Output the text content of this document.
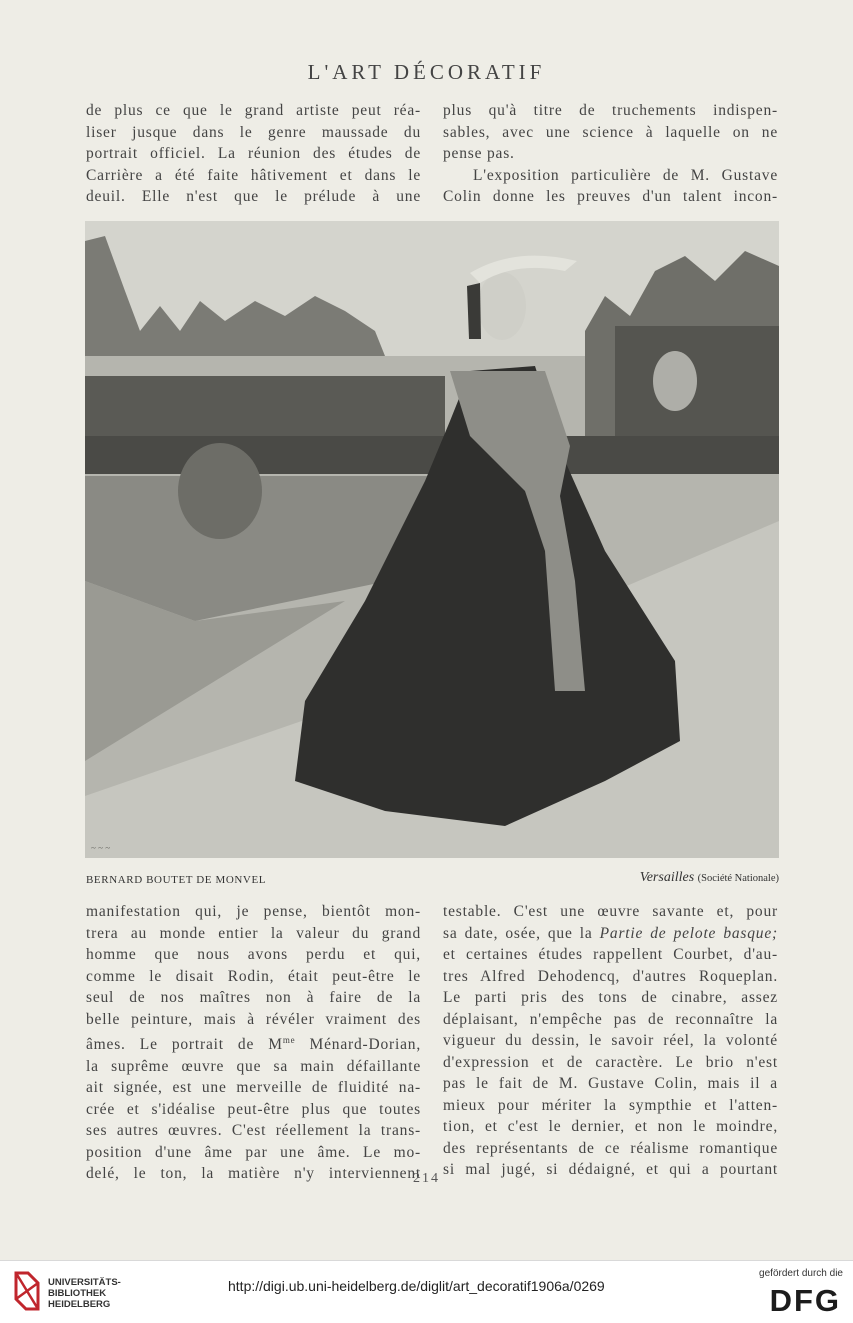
L'ART DÉCORATIF
de plus ce que le grand artiste peut réa-
liser jusque dans le genre maussade du
portrait officiel. La réunion des études de
Carrière a été faite hâtivement et dans le
deuil. Elle n'est que le prélude à une
plus qu'à titre de truchements indispen-
sables, avec une science à laquelle on ne
pense pas.
L'exposition particulière de M. Gustave
Colin donne les preuves d'un talent incon-
~ ~ ~
BERNARD BOUTET DE MONVEL	Versailles (Société Nationale)
manifestation qui, je pense, bientôt mon-
trera au monde entier la valeur du grand
homme que nous avons perdu et qui,
comme le disait Rodin, était peut-être le
seul de nos maîtres non à faire de la
belle peinture, mais à révéler vraiment des
âmes. Le portrait de $M^{me}$ Ménard-Dorian,
la suprême œuvre que sa main défaillante
ait signée, est une merveille de fluidité na-
crée et s'idéalise peut-être plus que toutes
ses autres œuvres. C'est réellement la trans-
position d'une âme par une âme. Le mo-
delé, le ton, la matière n'y interviennent
testable. C'est une œuvre savante et, pour
sa date, osée, que la Partie de pelote basque;
et certaines études rappellent Courbet, d'au-
tres Alfred Dehodencq, d'autres Roqueplan.
Le parti pris des tons de cinabre, assez
déplaisant, n'empêche pas de reconnaître la
vigueur du dessin, le savoir réel, la volonté
d'expression et de caractère. Le brio n'est
pas le fait de M. Gustave Colin, mais il a
mieux pour mériter la sympthie et l'atten-
tion, et c'est le dernier, et non le moindre,
des représentants de ce réalisme romantique
si mal jugé, si dédaigné, et qui a pourtant
214
UNIVERSITÄTS-
BIBLIOTHEK
HEIDELBERG
http://digi.ub.uni-heidelberg.de/diglit/art_decoratif1906a/0269
gefördert durch die
DFG
